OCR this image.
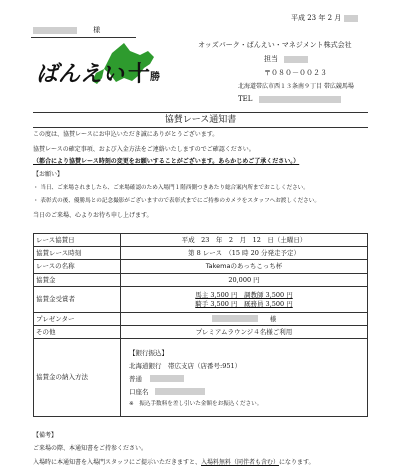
平成 23 年 2 月
様
ばんえい 十 勝
オッズパーク・ばんえい・マネジメント株式会社
担当
〒０８０－００２３
北海道帯広市西１３条南９丁目 帯広競馬場
TEL
協賛レース通知書
この度は、協賛レースにお申込いただき誠にありがとうございます。
協賛レースの確定事項、および入金方法をご連絡いたしますのでご確認ください。
（都合により協賛レース時刻の変更をお願いすることがございます。あらかじめご了承ください。）
【お願い】
・ 当日、ご来場されましたら、ご来場確認のため入場門１階西側つきあたり総合案内所までおこしください。
・ 表彰式の後、優勝馬との記念撮影がございますので表彰式までにご持参のカメラをスタッフへお渡しください。
当日のご来場、心よりお待ち申し上げます。
レース協賛日	平成　23　年　2　月　12　日（土曜日）
協賛レース時刻	第 8 レース　（15 時 20 分発走予定）
レースの名称	Takemaのあっちこっち杯
協賛金	20,000 円
協賛金受賞者	馬主 3,500 円　調教師 3,500 円
騎手 3,500 円　厩務員 3,500 円

プレゼンター	様
その他	プレミアムラウンジ４名様ご利用
協賛金の納入方法	【銀行振込】
北海道銀行　帯広支店（店番号:951）
普通
口座名
※　振込手数料を差し引いた金額をお振込ください。
【備考】
ご来場の際、本通知書をご持参ください。
入場時に本通知書を入場門スタッフにご提示いただきますと、入場料無料（同伴者も含む）になります。
